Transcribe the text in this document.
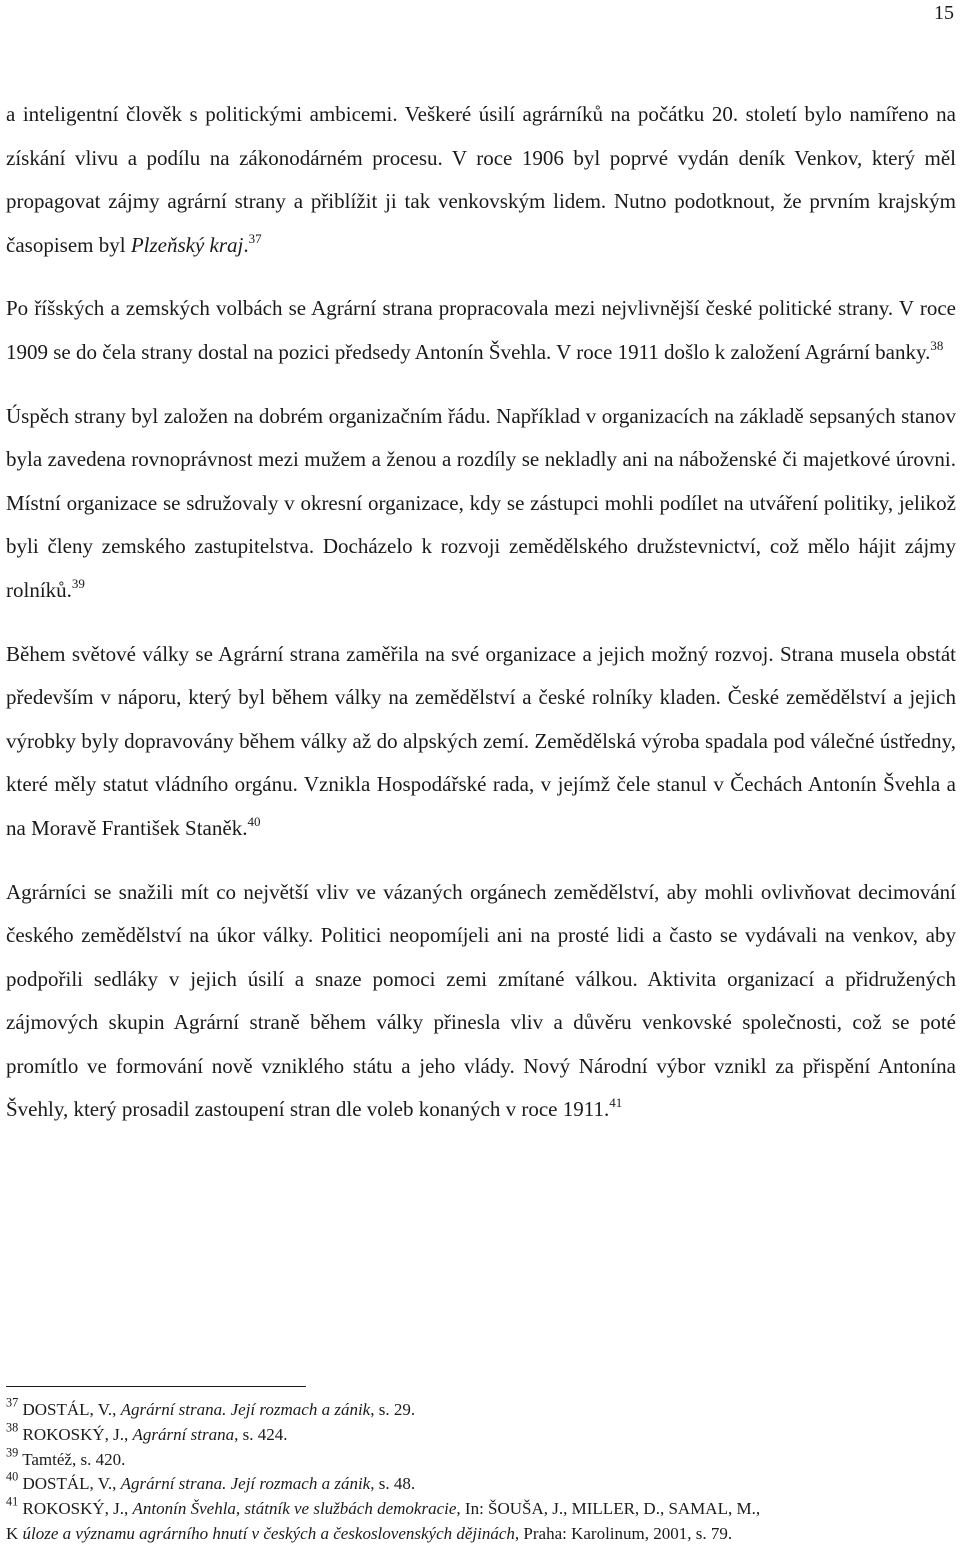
15

a inteligentní člověk s politickými ambicemi. Veškeré úsilí agrárníků na počátku 20. století bylo namířeno na získání vlivu a podílu na zákonodárném procesu. V roce 1906 byl poprvé vydán deník Venkov, který měl propagovat zájmy agrární strany a přiblížit ji tak venkovským lidem. Nutno podotknout, že prvním krajským časopisem byl Plzeňský kraj.$^{37}$

Po říšských a zemských volbách se Agrární strana propracovala mezi nejvlivnější české politické strany. V roce 1909 se do čela strany dostal na pozici předsedy Antonín Švehla. V roce 1911 došlo k založení Agrární banky.$^{38}$

Úspěch strany byl založen na dobrém organizačním řádu. Například v organizacích na základě sepsaných stanov byla zavedena rovnoprávnost mezi mužem a ženou a rozdíly se nekladly ani na náboženské či majetkové úrovni. Místní organizace se sdružovaly v okresní organizace, kdy se zástupci mohli podílet na utváření politiky, jelikož byli členy zemského zastupitelstva. Docházelo k rozvoji zemědělského družstevnictví, což mělo hájit zájmy rolníků.$^{39}$

Během světové války se Agrární strana zaměřila na své organizace a jejich možný rozvoj. Strana musela obstát především v náporu, který byl během války na zemědělství a české rolníky kladen. České zemědělství a jejich výrobky byly dopravovány během války až do alpských zemí. Zemědělská výroba spadala pod válečné ústředny, které měly statut vládního orgánu. Vznikla Hospodářské rada, v jejímž čele stanul v Čechách Antonín Švehla a na Moravě František Staněk.$^{40}$

Agrárníci se snažili mít co největší vliv ve vázaných orgánech zemědělství, aby mohli ovlivňovat decimování českého zemědělství na úkor války. Politici neopomíjeli ani na prosté lidi a často se vydávali na venkov, aby podpořili sedláky v jejich úsilí a snaze pomoci zemi zmítané válkou. Aktivita organizací a přidružených zájmových skupin Agrární straně během války přinesla vliv a důvěru venkovské společnosti, což se poté promítlo ve formování nově vzniklého státu a jeho vlády. Nový Národní výbor vznikl za přispění Antonína Švehly, který prosadil zastoupení stran dle voleb konaných v roce 1911.41

$^{37}$ DOSTÁL, V., Agrární strana. Její rozmach a zánik, s. 29.

$^{38}$ ROKOSKÝ, J., Agrární strana, s. 424.

$^{39}$ Tamtéž, s. 420.

$^{40}$ DOSTÁL, V., Agrární strana. Její rozmach a zánik, s. 48.

$^{41}$ ROKOSKÝ, J., Antonín Švehla, státník ve službách demokracie, In: ŠOUŠA, J., MILLER, D., SAMAL, M.,

K úloze a významu agrárního hnutí v českých a československých dějinách, Praha: Karolinum, 2001, s. 79.
